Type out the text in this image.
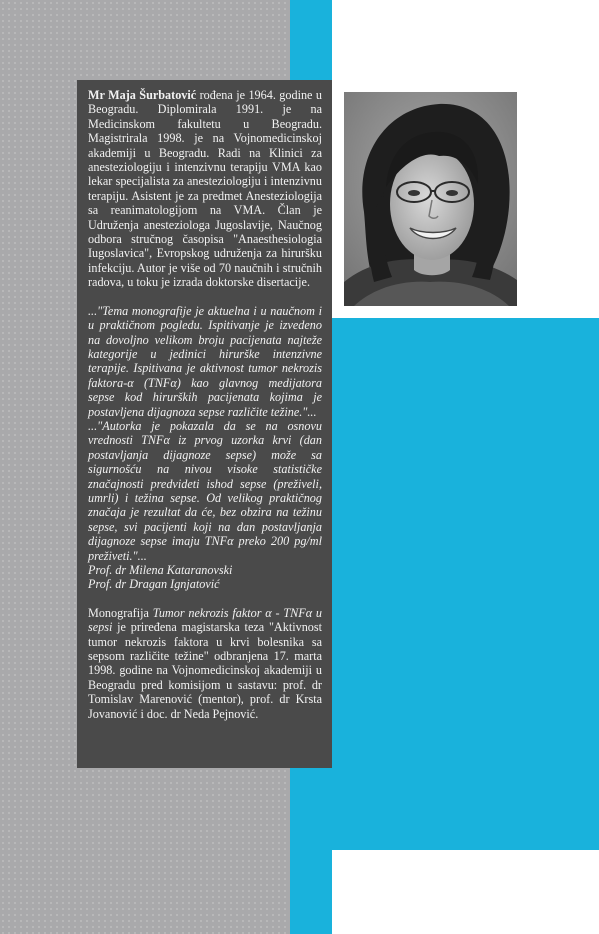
Mr Maja Šurbatović rođena je 1964. godine u Beogradu. Diplomirala 1991. je na Medicinskom fakultetu u Beogradu. Magistrirala 1998. je na Vojnomedicinskoj akademiji u Beogradu. Radi na Klinici za anesteziologiju i intenzivnu terapiju VMA kao lekar specijalista za anesteziologiju i intenzivnu terapiju. Asistent je za predmet Anesteziologija sa reanimatologijom na VMA. Član je Udruženja anesteziologa Jugoslavije, Naučnog odbora stručnog časopisa "Anaesthesiologia Iugoslavica", Evropskog udruženja za hiruršku infekciju. Autor je više od 70 naučnih i stručnih radova, u toku je izrada doktorske disertacije.

..."Tema monografije je aktuelna i u naučnom i u praktičnom pogledu. Ispitivanje je izvedeno na dovoljno velikom broju pacijenata najteže kategorije u jedinici hirurške intenzivne terapije. Ispitivana je aktivnost tumor nekrozis faktora-α (TNFα) kao glavnog medijatora sepse kod hirurških pacijenata kojima je postavljena dijagnoza sepse različite težine."...

..."Autorka je pokazala da se na osnovu vrednosti TNFα iz prvog uzorka krvi (dan postavljanja dijagnoze sepse) može sa sigurnošću na nivou visoke statističke značajnosti predvideti ishod sepse (preživeli, umrli) i težina sepse. Od velikog praktičnog značaja je rezultat da će, bez obzira na težinu sepse, svi pacijenti koji na dan postavljanja dijagnoze sepse imaju TNFα preko 200 pg/ml preživeti."...

Prof. dr Milena Kataranovski

Prof. dr Dragan Ignjatović

Monografija Tumor nekrozis faktor α - TNFα u sepsi je priređena magistarska teza "Aktivnost tumor nekrozis faktora u krvi bolesnika sa sepsom različite težine" odbranjena 17. marta 1998. godine na Vojnomedicinskoj akademiji u Beogradu pred komisijom u sastavu: prof. dr Tomislav Marenović (mentor), prof. dr Krsta Jovanović i doc. dr Neda Pejnović.
